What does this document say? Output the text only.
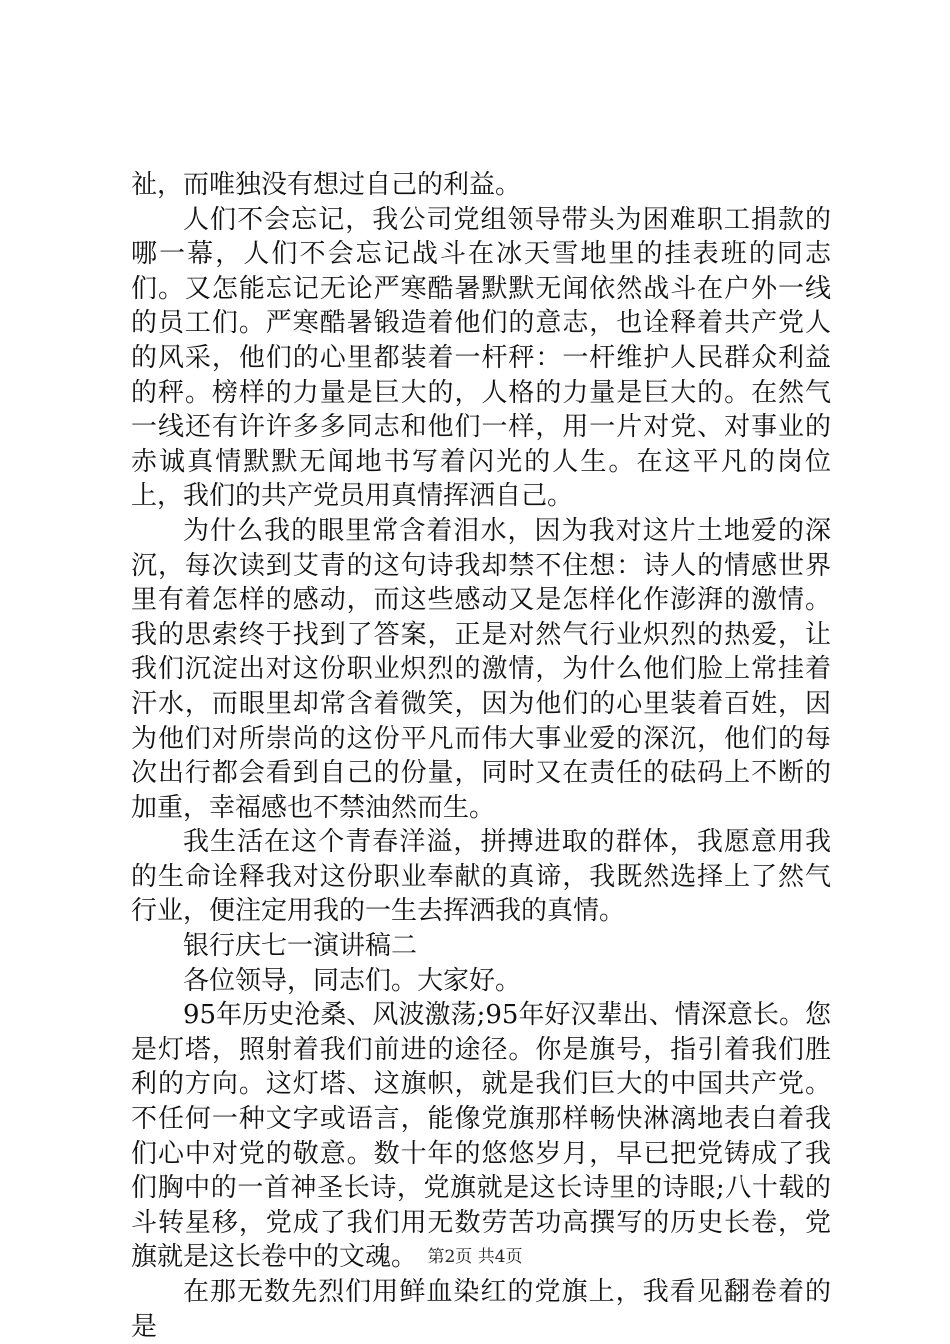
祉，而唯独没有想过自己的利益。

人们不会忘记，我公司党组领导带头为困难职工捐款的哪一幕，人们不会忘记战斗在冰天雪地里的挂表班的同志们。又怎能忘记无论严寒酷暑默默无闻依然战斗在户外一线的员工们。严寒酷暑锻造着他们的意志，也诠释着共产党人的风采，他们的心里都装着一杆秤：一杆维护人民群众利益的秤。榜样的力量是巨大的，人格的力量是巨大的。在然气一线还有许许多多同志和他们一样，用一片对党、对事业的赤诚真情默默无闻地书写着闪光的人生。在这平凡的岗位上，我们的共产党员用真情挥洒自己。

为什么我的眼里常含着泪水，因为我对这片土地爱的深沉，每次读到艾青的这句诗我却禁不住想：诗人的情感世界里有着怎样的感动，而这些感动又是怎样化作澎湃的激情。我的思索终于找到了答案，正是对然气行业炽烈的热爱，让我们沉淀出对这份职业炽烈的激情，为什么他们脸上常挂着汗水，而眼里却常含着微笑，因为他们的心里装着百姓，因为他们对所崇尚的这份平凡而伟大事业爱的深沉，他们的每次出行都会看到自己的份量，同时又在责任的砝码上不断的加重，幸福感也不禁油然而生。

我生活在这个青春洋溢，拼搏进取的群体，我愿意用我的生命诠释我对这份职业奉献的真谛，我既然选择上了然气行业，便注定用我的一生去挥洒我的真情。

银行庆七一演讲稿二

各位领导，同志们。大家好。

95年历史沧桑、风波激荡;95年好汉辈出、情深意长。您是灯塔，照射着我们前进的途径。你是旗号，指引着我们胜利的方向。这灯塔、这旗帜，就是我们巨大的中国共产党。不任何一种文字或语言，能像党旗那样畅快淋漓地表白着我们心中对党的敬意。数十年的悠悠岁月，早已把党铸成了我们胸中的一首神圣长诗，党旗就是这长诗里的诗眼;八十载的斗转星移，党成了我们用无数劳苦功高撰写的历史长卷，党旗就是这长卷中的文魂。

在那无数先烈们用鲜血染红的党旗上，我看见翻卷着的是

第2页 共4页
